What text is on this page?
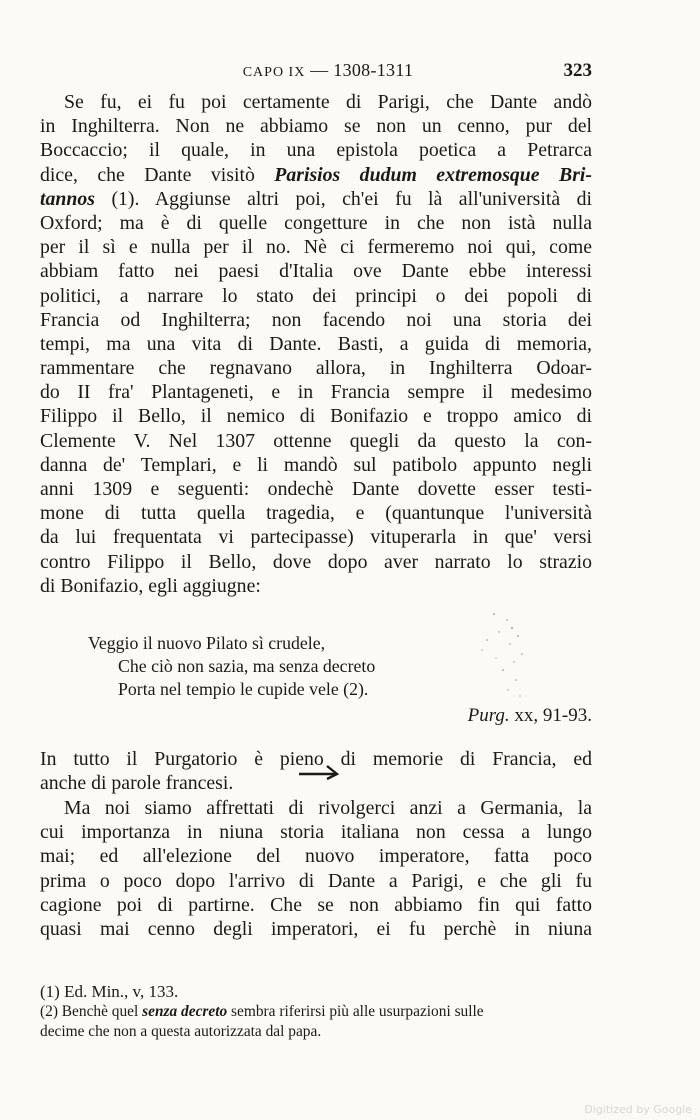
CAPO IX — 1308-1311	323
Se fu, ei fu poi certamente di Parigi, che Dante andò
in Inghilterra. Non ne abbiamo se non un cenno, pur del
Boccaccio; il quale, in una epistola poetica a Petrarca
dice, che Dante visitò Parisios dudum extremosque Bri-
tannos (1). Aggiunse altri poi, ch'ei fu là all'università di
Oxford; ma è di quelle congetture in che non istà nulla
per il sì e nulla per il no. Nè ci fermeremo noi qui, come
abbiam fatto nei paesi d'Italia ove Dante ebbe interessi
politici, a narrare lo stato dei principi o dei popoli di
Francia od Inghilterra; non facendo noi una storia dei
tempi, ma una vita di Dante. Basti, a guida di memoria,
rammentare che regnavano allora, in Inghilterra Odoar-
do II fra' Plantageneti, e in Francia sempre il medesimo
Filippo il Bello, il nemico di Bonifazio e troppo amico di
Clemente V. Nel 1307 ottenne quegli da questo la con-
danna de' Templari, e li mandò sul patibolo appunto negli
anni 1309 e seguenti: ondechè Dante dovette esser testi-
mone di tutta quella tragedia, e (quantunque l'università
da lui frequentata vi partecipasse) vituperarla in que' versi
contro Filippo il Bello, dove dopo aver narrato lo strazio
di Bonifazio, egli aggiugne:
Veggio il nuovo Pilato sì crudele,
Che ciò non sazia, ma senza decreto
Porta nel tempio le cupide vele (2).
Purg. xx, 91-93.
In tutto il Purgatorio è pieno di memorie di Francia, ed
anche di parole francesi.
Ma noi siamo affrettati di rivolgerci anzi a Germania, la
cui importanza in niuna storia italiana non cessa a lungo
mai; ed all'elezione del nuovo imperatore, fatta poco
prima o poco dopo l'arrivo di Dante a Parigi, e che gli fu
cagione poi di partirne. Che se non abbiamo fin qui fatto
quasi mai cenno degli imperatori, ei fu perchè in niuna
(1) Ed. Min., v, 133.
(2) Benchè quel senza decreto sembra riferirsi più alle usurpazioni sulle
decime che non a questa autorizzata dal papa.
Digitized by Google
